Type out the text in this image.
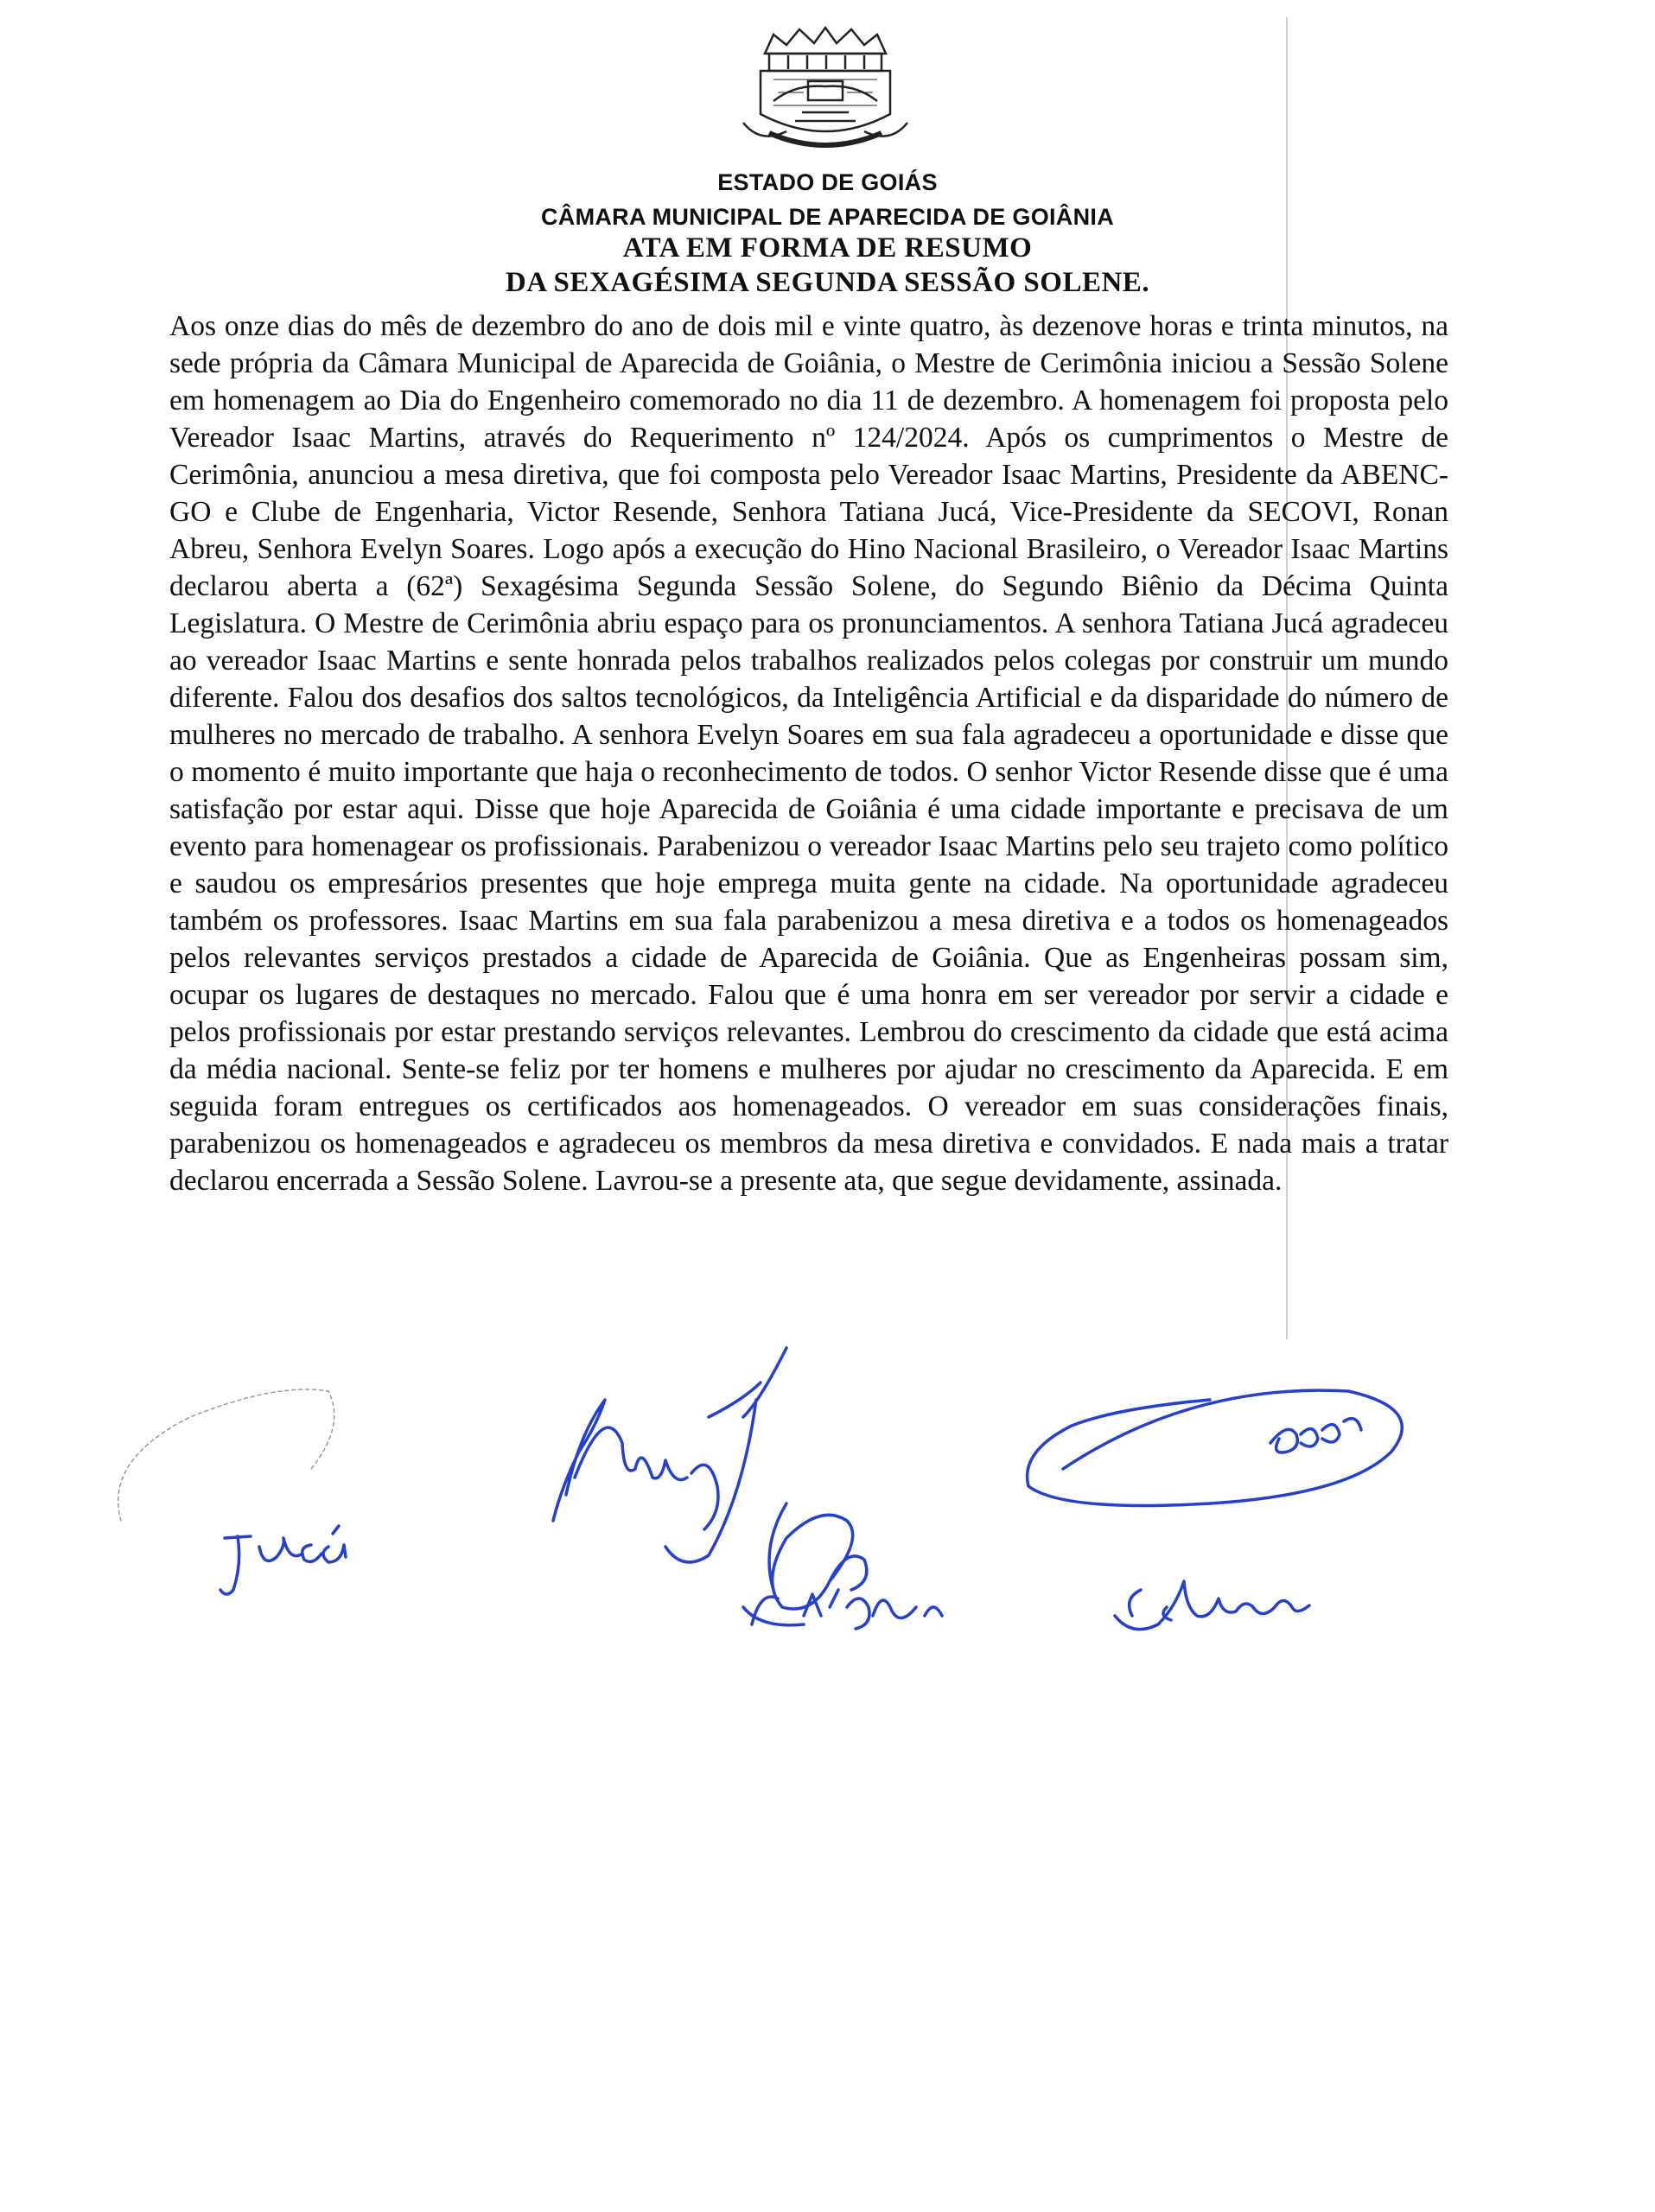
ESTADO DE GOIÁS
CÂMARA MUNICIPAL DE APARECIDA DE GOIÂNIA
ATA EM FORMA DE RESUMO
DA SEXAGÉSIMA SEGUNDA SESSÃO SOLENE.

Aos onze dias do mês de dezembro do ano de dois mil e vinte quatro, às dezenove horas e trinta minutos, na sede própria da Câmara Municipal de Aparecida de Goiânia, o Mestre de Cerimônia iniciou a Sessão Solene em homenagem ao Dia do Engenheiro comemorado no dia 11 de dezembro. A homenagem foi proposta pelo Vereador Isaac Martins, através do Requerimento nº 124/2024. Após os cumprimentos o Mestre de Cerimônia, anunciou a mesa diretiva, que foi composta pelo Vereador Isaac Martins, Presidente da ABENC-GO e Clube de Engenharia, Victor Resende, Senhora Tatiana Jucá, Vice-Presidente da SECOVI, Ronan Abreu, Senhora Evelyn Soares. Logo após a execução do Hino Nacional Brasileiro, o Vereador Isaac Martins declarou aberta a (62ª) Sexagésima Segunda Sessão Solene, do Segundo Biênio da Décima Quinta Legislatura. O Mestre de Cerimônia abriu espaço para os pronunciamentos. A senhora Tatiana Jucá agradeceu ao vereador Isaac Martins e sente honrada pelos trabalhos realizados pelos colegas por construir um mundo diferente. Falou dos desafios dos saltos tecnológicos, da Inteligência Artificial e da disparidade do número de mulheres no mercado de trabalho. A senhora Evelyn Soares em sua fala agradeceu a oportunidade e disse que o momento é muito importante que haja o reconhecimento de todos. O senhor Victor Resende disse que é uma satisfação por estar aqui. Disse que hoje Aparecida de Goiânia é uma cidade importante e precisava de um evento para homenagear os profissionais. Parabenizou o vereador Isaac Martins pelo seu trajeto como político e saudou os empresários presentes que hoje emprega muita gente na cidade. Na oportunidade agradeceu também os professores. Isaac Martins em sua fala parabenizou a mesa diretiva e a todos os homenageados pelos relevantes serviços prestados a cidade de Aparecida de Goiânia. Que as Engenheiras possam sim, ocupar os lugares de destaques no mercado. Falou que é uma honra em ser vereador por servir a cidade e pelos profissionais por estar prestando serviços relevantes. Lembrou do crescimento da cidade que está acima da média nacional. Sente-se feliz por ter homens e mulheres por ajudar no crescimento da Aparecida. E em seguida foram entregues os certificados aos homenageados. O vereador em suas considerações finais, parabenizou os homenageados e agradeceu os membros da mesa diretiva e convidados. E nada mais a tratar declarou encerrada a Sessão Solene. Lavrou-se a presente ata, que segue devidamente, assinada.
